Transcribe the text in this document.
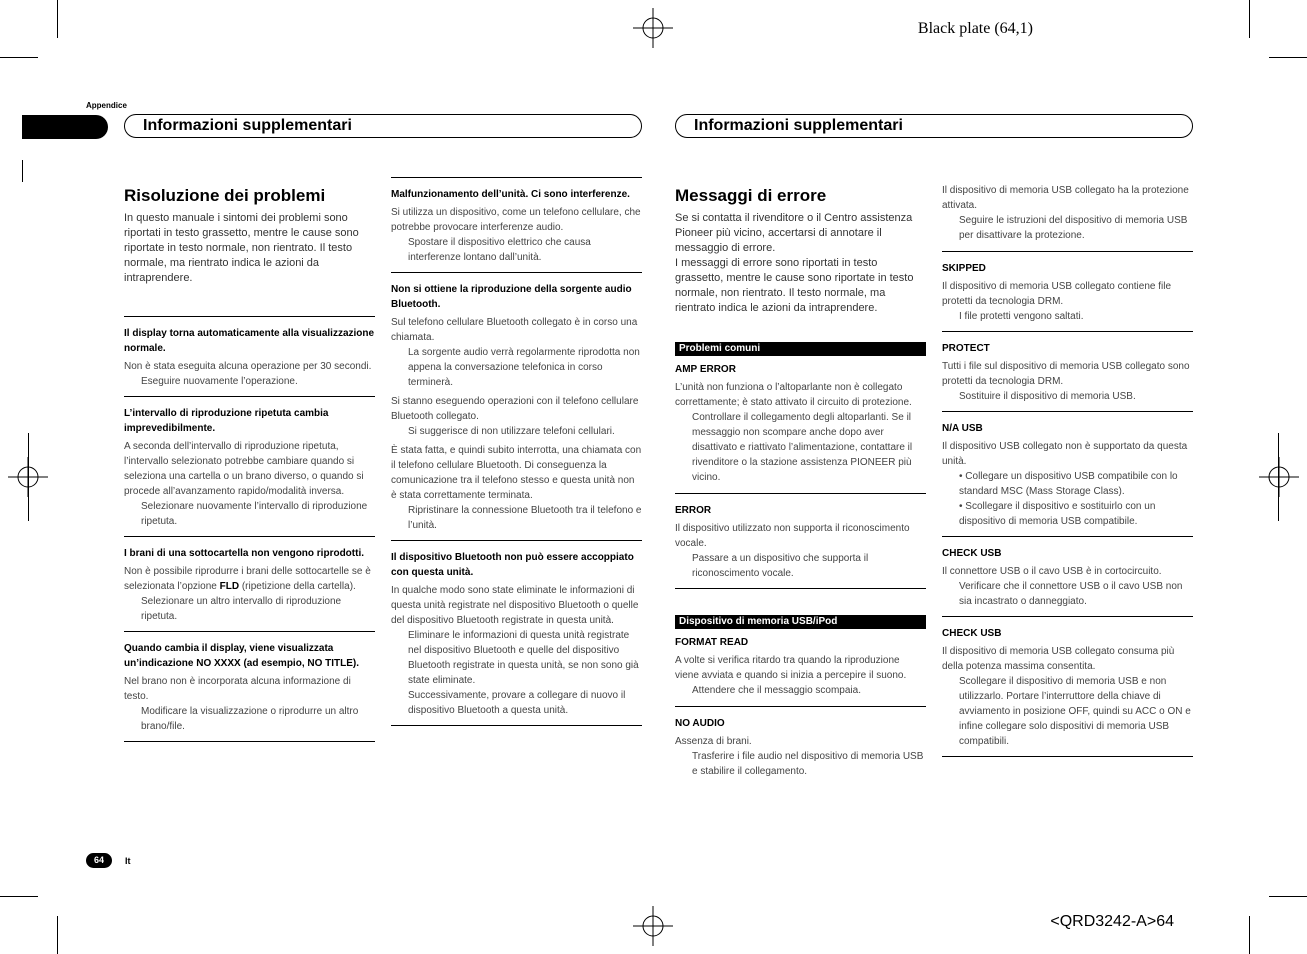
Black plate (64,1)
<QRD3242-A>64
Appendice
Informazioni supplementari	Informazioni supplementari

Risoluzione dei problemi

In questo manuale i sintomi dei problemi sono riportati in testo grassetto, mentre le cause sono riportate in testo normale, non rientrato. Il testo normale, ma rientrato indica le azioni da intraprendere.

Il display torna automaticamente alla visualizzazione normale.

Non è stata eseguita alcuna operazione per 30 secondi.

Eseguire nuovamente l’operazione.

L’intervallo di riproduzione ripetuta cambia imprevedibilmente.

A seconda dell’intervallo di riproduzione ripetuta, l’intervallo selezionato potrebbe cambiare quando si seleziona una cartella o un brano diverso, o quando si procede all’avanzamento rapido/modalità inversa.

Selezionare nuovamente l’intervallo di riproduzione ripetuta.

I brani di una sottocartella non vengono riprodotti.

Non è possibile riprodurre i brani delle sottocartelle se è selezionata l’opzione FLD (ripetizione della cartella).

Selezionare un altro intervallo di riproduzione ripetuta.

Quando cambia il display, viene visualizzata un’indicazione NO XXXX (ad esempio, NO TITLE).

Nel brano non è incorporata alcuna informazione di testo.

Modificare la visualizzazione o riprodurre un altro brano/file.

Malfunzionamento dell’unità. Ci sono interferenze.

Si utilizza un dispositivo, come un telefono cellulare, che potrebbe provocare interferenze audio.

Spostare il dispositivo elettrico che causa interferenze lontano dall’unità.

Non si ottiene la riproduzione della sorgente audio Bluetooth.

Sul telefono cellulare Bluetooth collegato è in corso una chiamata.

La sorgente audio verrà regolarmente riprodotta non appena la conversazione telefonica in corso terminerà.

Si stanno eseguendo operazioni con il telefono cellulare Bluetooth collegato.

Si suggerisce di non utilizzare telefoni cellulari.

È stata fatta, e quindi subito interrotta, una chiamata con il telefono cellulare Bluetooth. Di conseguenza la comunicazione tra il telefono stesso e questa unità non è stata correttamente terminata.

Ripristinare la connessione Bluetooth tra il telefono e l’unità.

Il dispositivo Bluetooth non può essere accoppiato con questa unità.

In qualche modo sono state eliminate le informazioni di questa unità registrate nel dispositivo Bluetooth o quelle del dispositivo Bluetooth registrate in questa unità.

Eliminare le informazioni di questa unità registrate nel dispositivo Bluetooth e quelle del dispositivo Bluetooth registrate in questa unità, se non sono già state eliminate.

Successivamente, provare a collegare di nuovo il dispositivo Bluetooth a questa unità.

Messaggi di errore

Se si contatta il rivenditore o il Centro assistenza Pioneer più vicino, accertarsi di annotare il messaggio di errore.

I messaggi di errore sono riportati in testo grassetto, mentre le cause sono riportate in testo normale, non rientrato. Il testo normale, ma rientrato indica le azioni da intraprendere.

Problemi comuni

AMP ERROR

L’unità non funziona o l’altoparlante non è collegato correttamente; è stato attivato il circuito di protezione.

Controllare il collegamento degli altoparlanti. Se il messaggio non scompare anche dopo aver disattivato e riattivato l’alimentazione, contattare il rivenditore o la stazione assistenza PIONEER più vicino.

ERROR

Il dispositivo utilizzato non supporta il riconoscimento vocale.

Passare a un dispositivo che supporta il riconoscimento vocale.

Dispositivo di memoria USB/iPod

FORMAT READ

A volte si verifica ritardo tra quando la riproduzione viene avviata e quando si inizia a percepire il suono.

Attendere che il messaggio scompaia.

NO AUDIO

Assenza di brani.

Trasferire i file audio nel dispositivo di memoria USB e stabilire il collegamento.

Il dispositivo di memoria USB collegato ha la protezione attivata.

Seguire le istruzioni del dispositivo di memoria USB per disattivare la protezione.

SKIPPED

Il dispositivo di memoria USB collegato contiene file protetti da tecnologia DRM.

I file protetti vengono saltati.

PROTECT

Tutti i file sul dispositivo di memoria USB collegato sono protetti da tecnologia DRM.

Sostituire il dispositivo di memoria USB.

N/A USB

Il dispositivo USB collegato non è supportato da questa unità.

• Collegare un dispositivo USB compatibile con lo standard MSC (Mass Storage Class).

• Scollegare il dispositivo e sostituirlo con un dispositivo di memoria USB compatibile.

CHECK USB

Il connettore USB o il cavo USB è in cortocircuito.

Verificare che il connettore USB o il cavo USB non sia incastrato o danneggiato.

CHECK USB

Il dispositivo di memoria USB collegato consuma più della potenza massima consentita.

Scollegare il dispositivo di memoria USB e non utilizzarlo. Portare l’interruttore della chiave di avviamento in posizione OFF, quindi su ACC o ON e infine collegare solo dispositivi di memoria USB compatibili.

64	It
